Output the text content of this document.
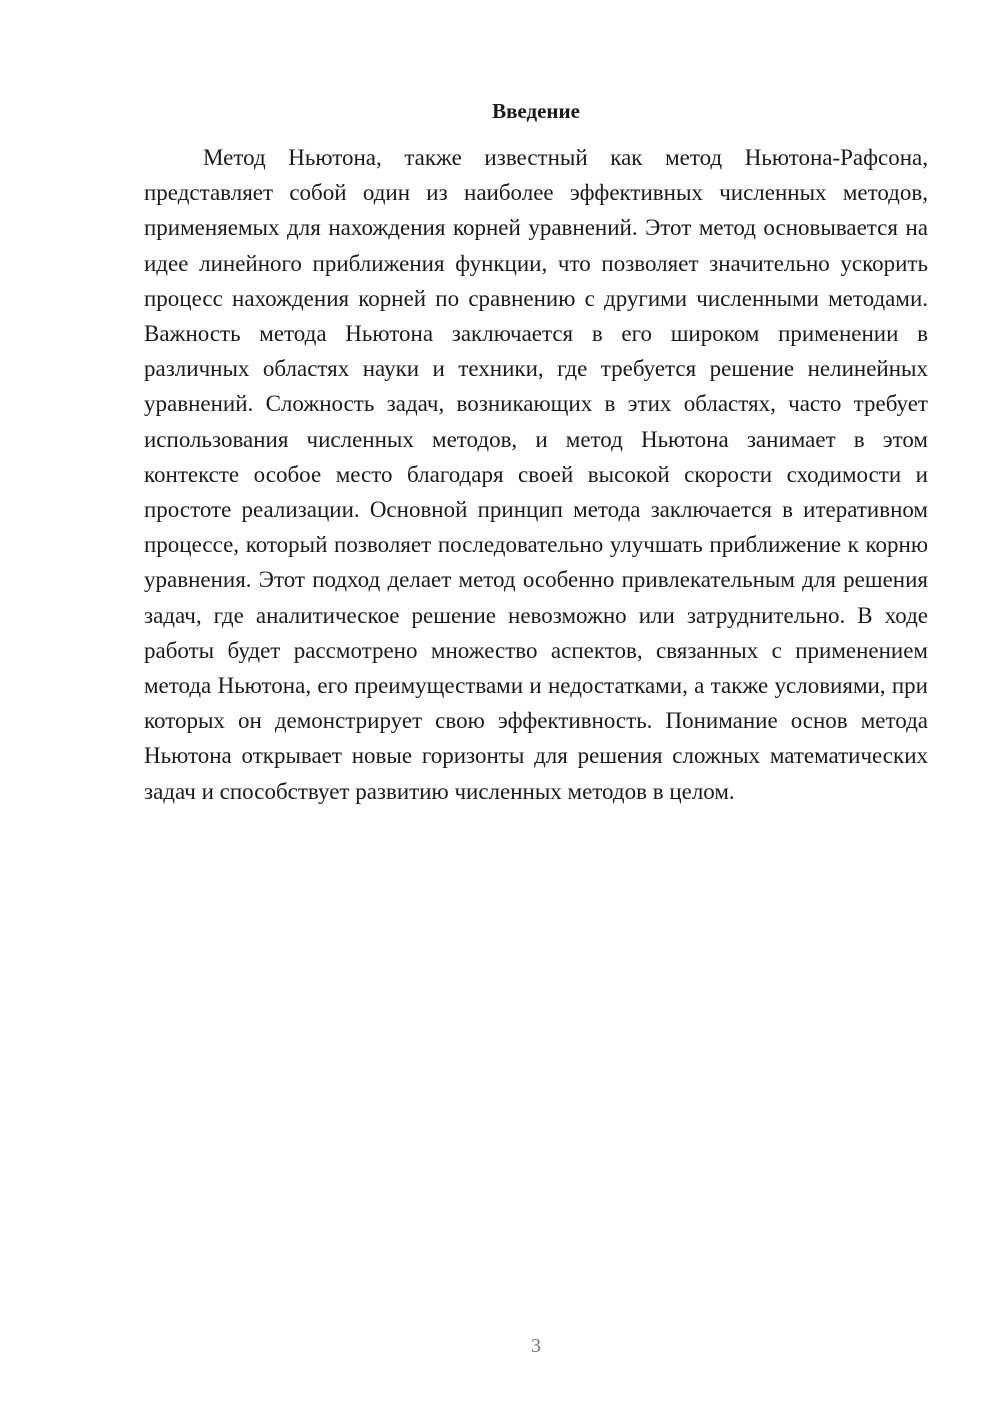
Введение

Метод Ньютона, также известный как метод Ньютона-Рафсона, представляет собой один из наиболее эффективных численных методов, применяемых для нахождения корней уравнений. Этот метод основывается на идее линейного приближения функции, что позволяет значительно ускорить процесс нахождения корней по сравнению с другими численными методами. Важность метода Ньютона заключается в его широком применении в различных областях науки и техники, где требуется решение нелинейных уравнений. Сложность задач, возникающих в этих областях, часто требует использования численных методов, и метод Ньютона занимает в этом контексте особое место благодаря своей высокой скорости сходимости и простоте реализации. Основной принцип метода заключается в итеративном процессе, который позволяет последовательно улучшать приближение к корню уравнения. Этот подход делает метод особенно привлекательным для решения задач, где аналитическое решение невозможно или затруднительно. В ходе работы будет рассмотрено множество аспектов, связанных с применением метода Ньютона, его преимуществами и недостатками, а также условиями, при которых он демонстрирует свою эффективность. Понимание основ метода Ньютона открывает новые горизонты для решения сложных математических задач и способствует развитию численных методов в целом.

3
